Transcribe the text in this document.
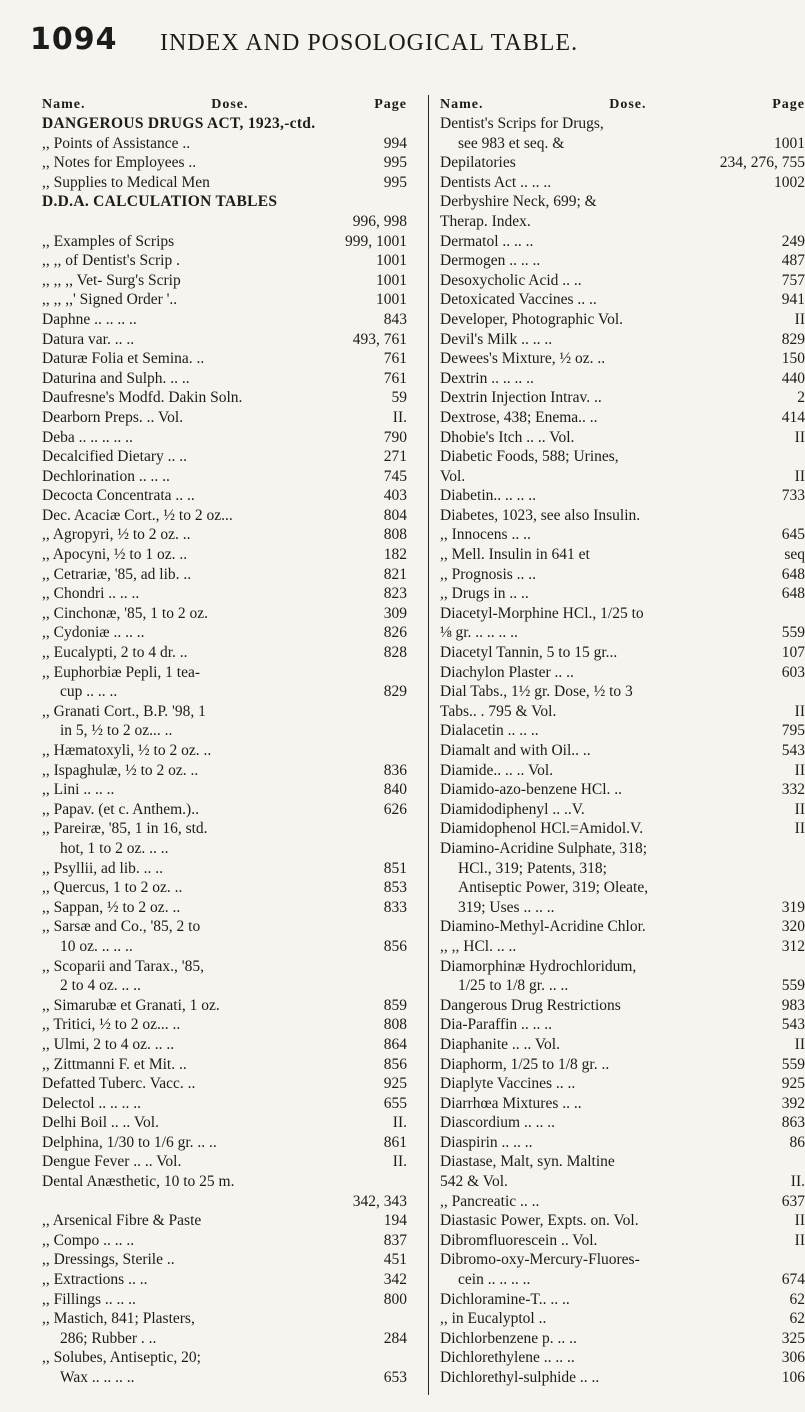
1094 INDEX AND POSOLOGICAL TABLE.
Name.	Dose.	Page
DANGEROUS DRUGS ACT, 1923,-ctd.
,, Points of Assistance ..	994
,, Notes for Employees ..	995
,, Supplies to Medical Men	995
D.D.A. CALCULATION TABLES
996, 998
,, Examples of Scrips	999, 1001
,, ,, of Dentist's Scrip .	1001
,, ,, ,, Vet- Surg's Scrip	1001
,, ,, ,,' Signed Order '..	1001
Daphne .. .. .. ..	843
Datura var. .. ..	493, 761
Daturæ Folia et Semina. ..	761
Daturina and Sulph. .. ..	761
Daufresne's Modfd. Dakin Soln.	59
Dearborn Preps. .. Vol.	II.
Deba .. .. .. .. ..	790
Decalcified Dietary .. ..	271
Dechlorination .. .. ..	745
Decocta Concentrata .. ..	403
Dec. Acaciæ Cort., ½ to 2 oz...	804
,, Agropyri, ½ to 2 oz. ..	808
,, Apocyni, ½ to 1 oz. ..	182
,, Cetrariæ, '85, ad lib. ..	821
,, Chondri .. .. ..	823
,, Cinchonæ, '85, 1 to 2 oz.	309
,, Cydoniæ .. .. ..	826
,, Eucalypti, 2 to 4 dr. ..	828
,, Euphorbiæ Pepli, 1 tea-
cup .. .. ..	829
,, Granati Cort., B.P. '98, 1
in 5, ½ to 2 oz... ..
,, Hæmatoxyli, ½ to 2 oz. ..
,, Ispaghulæ, ½ to 2 oz. ..	836
,, Lini .. .. ..	840
,, Papav. (et c. Anthem.)..	626
,, Pareiræ, '85, 1 in 16, std.
hot, 1 to 2 oz. .. ..
,, Psyllii, ad lib. .. ..	851
,, Quercus, 1 to 2 oz. ..	853
,, Sappan, ½ to 2 oz. ..	833
,, Sarsæ and Co., '85, 2 to
10 oz. .. .. ..	856
,, Scoparii and Tarax., '85,
2 to 4 oz. .. ..
,, Simarubæ et Granati, 1 oz.	859
,, Tritici, ½ to 2 oz... ..	808
,, Ulmi, 2 to 4 oz. .. ..	864
,, Zittmanni F. et Mit. ..	856
Defatted Tuberc. Vacc. ..	925
Delectol .. .. .. ..	655
Delhi Boil .. .. Vol.	II.
Delphina, 1/30 to 1/6 gr. .. ..	861
Dengue Fever .. .. Vol.	II.
Dental Anæsthetic, 10 to 25 m.
342, 343
,, Arsenical Fibre & Paste	194
,, Compo .. .. ..	837
,, Dressings, Sterile ..	451
,, Extractions .. ..	342
,, Fillings .. .. ..	800
,, Mastich, 841; Plasters,
286; Rubber . ..	284
,, Solubes, Antiseptic, 20;
Wax .. .. .. ..	653
Name.	Dose.	Page
Dentist's Scrips for Drugs,
see 983 et seq. &	1001
Depilatories	234, 276, 755
Dentists Act .. .. ..	1002
Derbyshire Neck, 699; &
Therap. Index.
Dermatol .. .. ..	249
Dermogen .. .. ..	487
Desoxycholic Acid .. ..	757
Detoxicated Vaccines .. ..	941
Developer, Photographic Vol.	II
Devil's Milk .. .. ..	829
Dewees's Mixture, ½ oz. ..	150
Dextrin .. .. .. ..	440
Dextrin Injection Intrav. ..	2
Dextrose, 438; Enema.. ..	414
Dhobie's Itch .. .. Vol.	II
Diabetic Foods, 588; Urines,
Vol.	II
Diabetin.. .. .. ..	733
Diabetes, 1023, see also Insulin.
,, Innocens .. ..	645
,, Mell. Insulin in 641 et	seq
,, Prognosis .. ..	648
,, Drugs in .. ..	648
Diacetyl-Morphine HCl., 1/25 to
⅛ gr. .. .. .. ..	559
Diacetyl Tannin, 5 to 15 gr...	107
Diachylon Plaster .. ..	603
Dial Tabs., 1½ gr. Dose, ½ to 3
Tabs.. . 795 & Vol.	II
Dialacetin .. .. ..	795
Diamalt and with Oil.. ..	543
Diamide.. .. .. Vol.	II
Diamido-azo-benzene HCl. ..	332
Diamidodiphenyl .. ..V.	II
Diamidophenol HCl.=Amidol.V.	II
Diamino-Acridine Sulphate, 318;
HCl., 319; Patents, 318;
Antiseptic Power, 319; Oleate,
319; Uses .. .. ..	319
Diamino-Methyl-Acridine Chlor.	320
,, ,, HCl. .. ..	312
Diamorphinæ Hydrochloridum,
1/25 to 1/8 gr. .. ..	559
Dangerous Drug Restrictions	983
Dia-Paraffin .. .. ..	543
Diaphanite .. .. Vol.	II
Diaphorm, 1/25 to 1/8 gr. ..	559
Diaplyte Vaccines .. ..	925
Diarrhœa Mixtures .. ..	392
Diascordium .. .. ..	863
Diaspirin .. .. ..	86
Diastase, Malt, syn. Maltine
542 & Vol.	II.
,, Pancreatic .. ..	637
Diastasic Power, Expts. on. Vol.	II
Dibromfluorescein .. Vol.	II
Dibromo-oxy-Mercury-Fluores-
cein .. .. .. ..	674
Dichloramine-T.. .. ..	62
,, in Eucalyptol ..	62
Dichlorbenzene p. .. ..	325
Dichlorethylene .. .. ..	306
Dichlorethyl-sulphide .. ..	106
